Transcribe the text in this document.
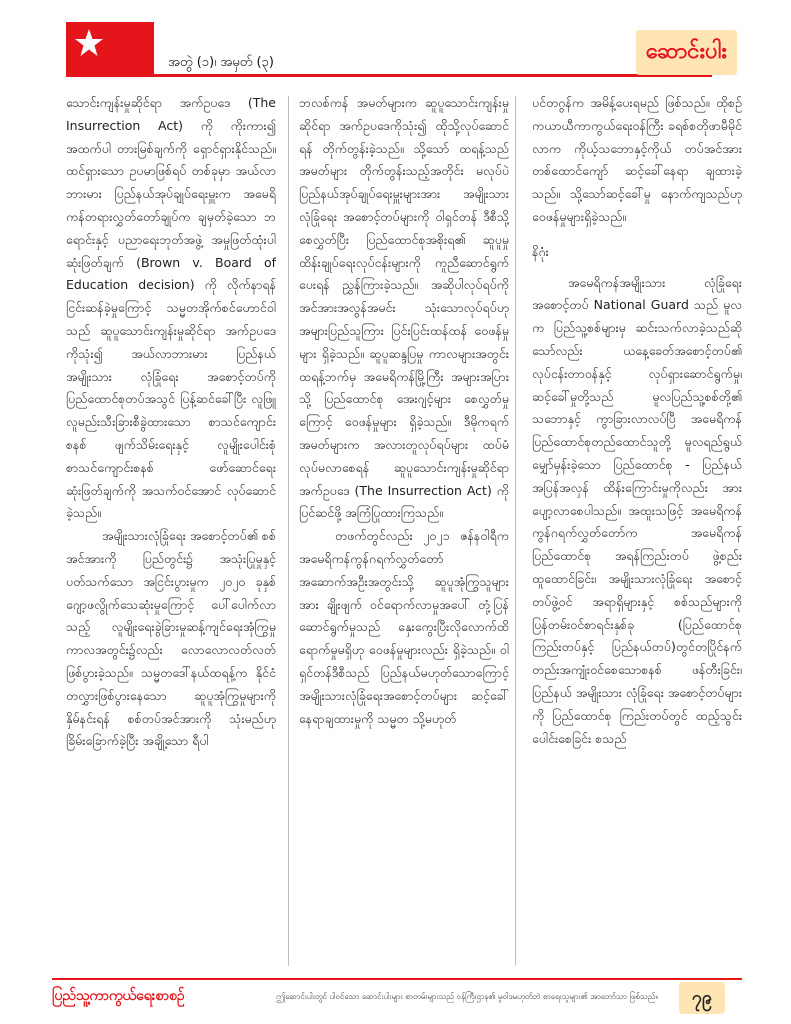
အတွဲ (၁)၊ အမှတ် (၃)	ဆောင်းပါး

သောင်းကျန်းမှုဆိုင်ရာ အက်ဥပဒေ (The Insurrection Act) ကို ကိုးကား၍ အထက်ပါ တားမြစ်ချက်ကို ရှောင်ရှားနိုင်သည်။ ထင်ရှားသော ဥပမာဖြစ်ရပ် တစ်ခုမှာ အယ်လာဘားမား ပြည်နယ်အုပ်ချုပ်ရေးမှူးက အမေရိကန်တရားလွှတ်တော်ချုပ်က ချမှတ်ခဲ့သော ဘရောင်းနှင့် ပညာရေးဘုတ်အဖွဲ့ အမှုဖြတ်ထုံးပါ ဆုံးဖြတ်ချက် (Brown v. Board of Education decision) ကို လိုက်နာရန် ငြင်းဆန်ခဲ့မှုကြောင့် သမ္မတအိုက်စင်ဟောင်ဝါသည် ဆူပူသောင်းကျန်းမှုဆိုင်ရာ အက်ဥပဒေကိုသုံး၍ အယ်လာဘားမား ပြည်နယ် အမျိုးသား လုံခြုံရေး အစောင့်တပ်ကို ပြည်ထောင်စုတပ်အသွင် ပြန့်ဆင်ခေါ်ပြီး လူဖြူလူမည်းသီးခြားစီခွဲထားသော စာသင်ကျောင်းစနစ် ဖျက်သိမ်းရေးနှင့် လူမျိုးပေါင်းစုံ စာသင်ကျောင်းစနစ် ဖော်ဆောင်ရေးဆုံးဖြတ်ချက်ကို အသက်ဝင်အောင် လုပ်ဆောင်ခဲ့သည်။

အမျိုးသားလုံခြုံရေး အစောင့်တပ်၏ စစ်အင်အားကို ပြည်တွင်း၌ အသုံးပြုမှုနှင့် ပတ်သက်သော အငြင်းပွားမှုက ၂၀၂၀ ခုနှစ် ဂျော့ဖလွိုက်သေဆုံးမှုကြောင့် ပေါ်ပေါက်လာသည့် လူမျိုးရေးခွဲခြားမှုဆန့်ကျင်ရေးအုံကြွမှုကာလအတွင်း၌လည်း လောလောလတ်လတ်ဖြစ်ပွားခဲ့သည်။ သမ္မတဒေါ်နယ်ထရန့်က နိုင်ငံတလွှားဖြစ်ပွားနေသော ဆူပူအုံကြွမှုများကို နှိမ်နင်းရန် စစ်တပ်အင်အားကို သုံးမည်ဟု ခြိမ်းခြောက်ခဲ့ပြီး အချို့သော ရီပါ

ဘလစ်ကန် အမတ်များက ဆူပူသောင်းကျန်းမှုဆိုင်ရာ အက်ဥပဒေကိုသုံး၍ ထိုသို့လုပ်ဆောင်ရန် တိုက်တွန်းခဲ့သည်။ သို့သော် ထရန့်သည် အမတ်များ တိုက်တွန်းသည့်အတိုင်း မလုပ်ပဲ ပြည်နယ်အုပ်ချုပ်ရေးမှူးများအား အမျိုးသားလုံခြုံရေး အစောင့်တပ်များကို ဝါရှင်တန် ဒီစီသို့ စေလွှတ်ပြီး ပြည်ထောင်စုအစိုးရ၏ ဆူပူမှုထိန်းချုပ်ရေးလုပ်ငန်းများကို ကူညီဆောင်ရွက်ပေးရန် ညွှန်ကြားခဲ့သည်။ အဆိုပါလုပ်ရပ်ကိုအင်အားအလွန်အမင်း သုံးသောလုပ်ရပ်ဟု အများပြည်သူကြား ပြင်းပြင်းထန်ထန် ဝေဖန်မှုများ ရှိခဲ့သည်။ ဆူပူဆန္ဒပြမှု ကာလများအတွင်း ထရန့်ဘက်မှ အမေရိကန်မြို့ကြီး အများအပြားသို့ ပြည်ထောင်စု အေးဂျင့်များ စေလွှတ်မှုကြောင့် ဝေဖန်မှုများ ရှိခဲ့သည်။ ဒီမိုကရက် အမတ်များက အလားတူလုပ်ရပ်များ ထပ်မံ လုပ်မလာစေရန် ဆူပူသောင်းကျန်းမှုဆိုင်ရာ အက်ဥပဒေ (The Insurrection Act) ကိုပြင်ဆင်ဖို့ အကြံပြုထားကြသည်။

တဖက်တွင်လည်း ၂၀၂၁ ဇန်နဝါရီက အမေရိကန်ကွန်ဂရက်လွှတ်တော် အဆောက်အဦးအတွင်းသို့ ဆူပူအုံကြွသူများအား ချိုးဖျက် ဝင်ရောက်လာမှုအပေါ် တုံ့ပြန်ဆောင်ရွက်မှုသည် နှေးကွေးပြီးလိုလောက်ထိရောက်မှုမရှိဟု ဝေဖန်မှုများလည်း ရှိခဲ့သည်။ ဝါရှင်တန်ဒီစီသည် ပြည်နယ်မဟုတ်သောကြောင့် အမျိုးသားလုံခြုံရေးအစောင့်တပ်များ ဆင့်ခေါ်နေရာချထားမှုကို သမ္မတ သို့မဟုတ်

ပင်တဂွန်က အမိန့်ပေးရမည် ဖြစ်သည်။ ထိုစဉ်ကယာယီကာကွယ်ရေးဝန်ကြီး ခရစ်စတိုဖာမီမိုင်လာက ကိုယ့်သဘောနှင့်ကိုယ် တပ်အင်အားတစ်ထောင်ကျော် ဆင့်ခေါ်နေရာ ချထားခဲ့သည်။ သို့သော်ဆင့်ခေါ်မှု နောက်ကျသည်ဟု ဝေဖန်မှုများရှိခဲ့သည်။

နိဂုံး

အမေရိကန်အမျိုးသား လုံခြုံရေးအစောင့်တပ် National Guard သည် မူလက ပြည်သူ့စစ်များမှ ဆင်းသက်လာခဲ့သည်ဆိုသော်လည်း ယနေ့ခေတ်အစောင့်တပ်၏ လုပ်ငန်းတာဝန်နှင့် လုပ်ရှားဆောင်ရွက်မှု၊ ဆင့်ခေါ်မှုတို့သည် မူလပြည်သူ့စစ်တို့၏ သဘောနှင့် ကွာခြားလာလပ်ပြီ အမေရိကန်ပြည်ထောင်စုတည်ထောင်သူတို့ မူလရည်ရွယ်မျှော်မှန်းခဲ့သော ပြည်ထောင်စု - ပြည်နယ် အပြန်အလှန် ထိန်းကြောင်းမှုကိုလည်း အားပျော့လာစေပါသည်။ အထူးသဖြင့် အမေရိကန် ကွန်ဂရက်လွှတ်တော်က အမေရိကန် ပြည်ထောင်စု အရန်ကြည်းတပ် ဖွဲ့စည်းထူထောင်ခြင်း၊ အမျိုးသားလုံခြုံရေး အစောင့် တပ်ဖွဲ့ဝင် အရာရှိများနှင့် စစ်သည်များကို ပြန်တမ်းဝင်စာရင်းနှစ်ခု (ပြည်ထောင်စု ကြည်းတပ်နှင့် ပြည်နယ်တပ်)တွင်တပြိုင်နက်တည်းအကျုံးဝင်စေသောစနစ် ဖန်တီးခြင်း၊ ပြည်နယ် အမျိုးသား လုံခြုံရေး အစောင့်တပ်များကို ပြည်ထောင်စု ကြည်းတပ်တွင် ထည့်သွင်းပေါင်းစေခြင်း စသည်

ပြည်သူ့ကာကွယ်ရေးစာစဉ်	ဤဆောင်းပါးတွင် ပါဝင်သော ဆောင်းပါးများ စာတမ်းများသည် ဝန်ကြီးဌာန၏ မူဝါဒမဟုတ်ဘဲ စာရေးသူများ၏ အာဘော်သာ ဖြစ်သည်။	၇၉
